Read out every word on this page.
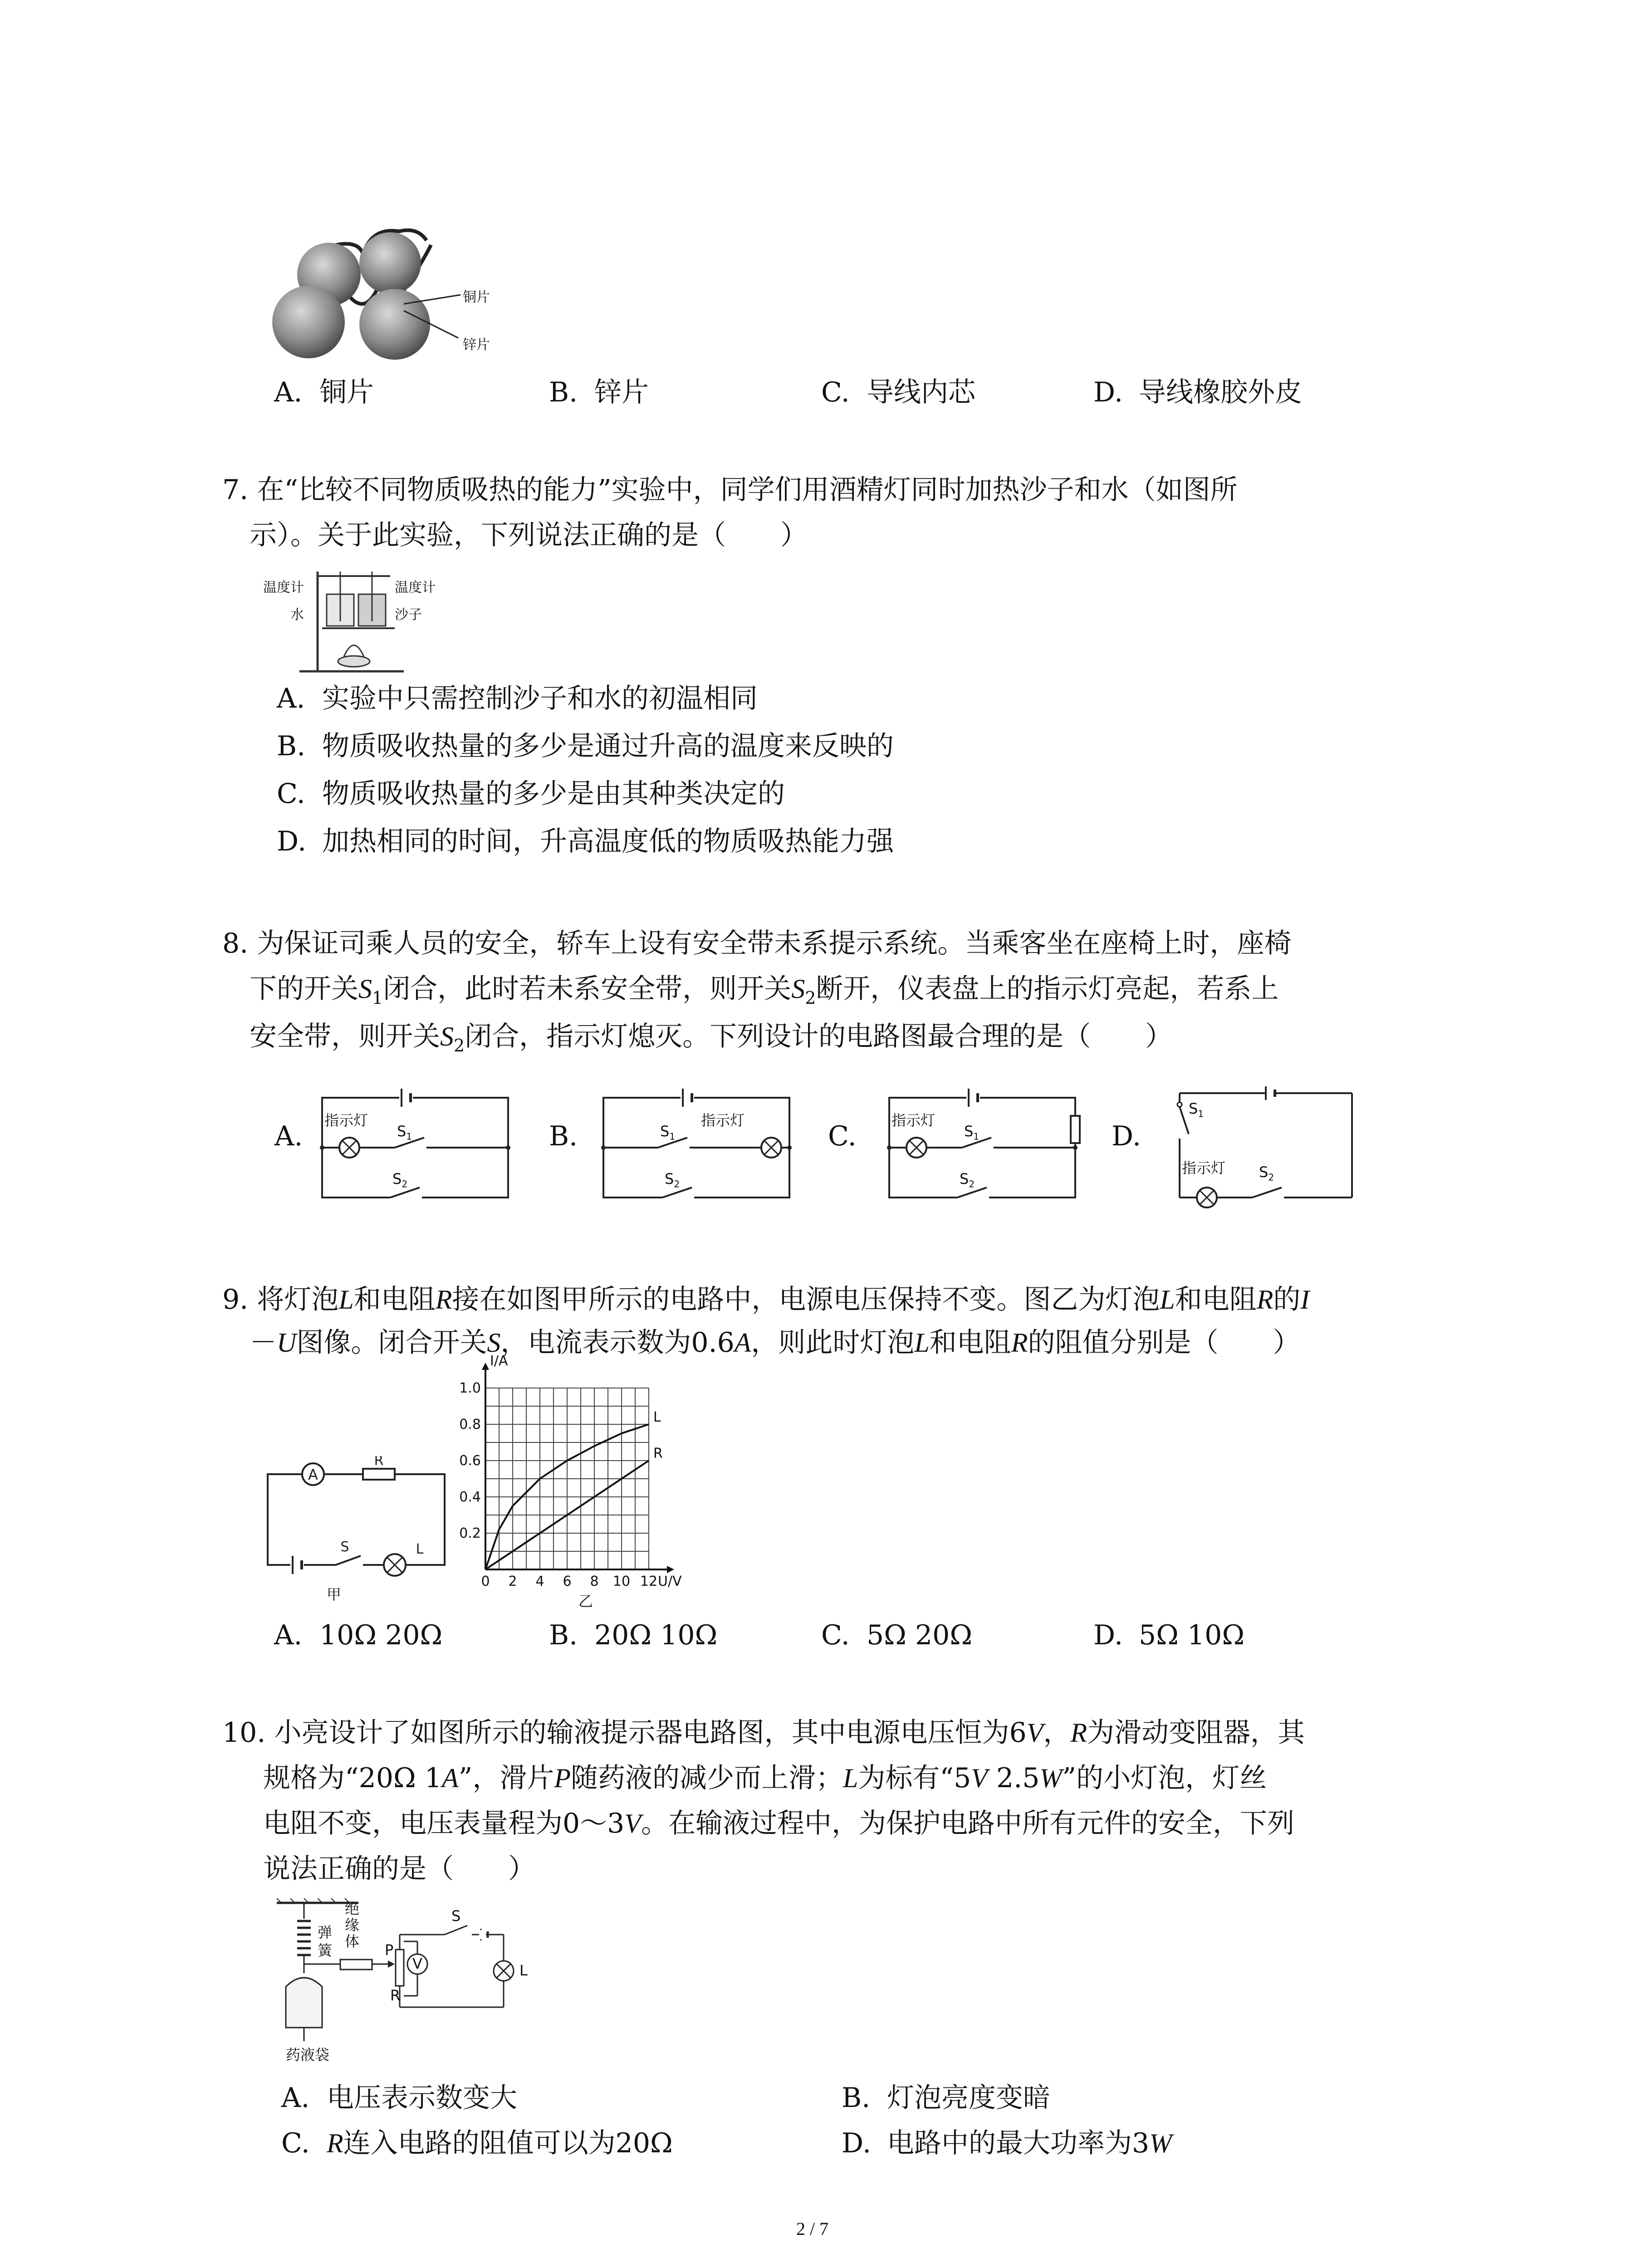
铜片
锌片
A. 铜片	B. 锌片	C. 导线内芯	D. 导线橡胶外皮
7. 在“比较不同物质吸热的能力”实验中，同学们用酒精灯同时加热沙子和水（如图所
示）。关于此实验，下列说法正确的是（　　）
温度计	温度计
水	沙子
A. 实验中只需控制沙子和水的初温相同
B. 物质吸收热量的多少是通过升高的温度来反映的
C. 物质吸收热量的多少是由其种类决定的
D. 加热相同的时间，升高温度低的物质吸热能力强
8. 为保证司乘人员的安全，轿车上设有安全带未系提示系统。当乘客坐在座椅上时，座椅
下的开关$S_1$闭合，此时若未系安全带，则开关$S_2$断开，仪表盘上的指示灯亮起，若系上
安全带，则开关$S_2$闭合，指示灯熄灭。下列设计的电路图最合理的是（　　）
A. 指示灯
$S_1$
$S_2$
B.	指示灯
$S_1$
$S_2$
C. 指示灯
$S_1$
$S_2$
D.
$S_1$
指示灯 $S_2$
9. 将灯泡L和电阻R接在如图甲所示的电路中，电源电压保持不变。图乙为灯泡L和电阻R的I
－U图像。闭合开关S，电流表示数为0.6A，则此时灯泡L和电阻R的阻值分别是（　　）
A
R
S	L
甲
0 2 4 6 8 10 12
0.2
0.4
0.6
0.8
1.0
U/V
I/A
L
R
乙
A. 10Ω 20Ω	B. 20Ω 10Ω	C. 5Ω 20Ω	D. 5Ω 10Ω
10. 小亮设计了如图所示的输液提示器电路图，其中电源电压恒为6V，R为滑动变阻器，其
规格为“20Ω 1A”，滑片P随药液的减少而上滑；L为标有“5V 2.5W”的小灯泡，灯丝
电阻不变，电压表量程为0～3V。在输液过程中，为保护电路中所有元件的安全，下列
说法正确的是（　　）
弹簧
绝缘体
药液袋
S
P
V
R
L
A. 电压表示数变大	B. 灯泡亮度变暗
C. R连入电路的阻值可以为20Ω	D. 电路中的最大功率为3W
2 / 7
